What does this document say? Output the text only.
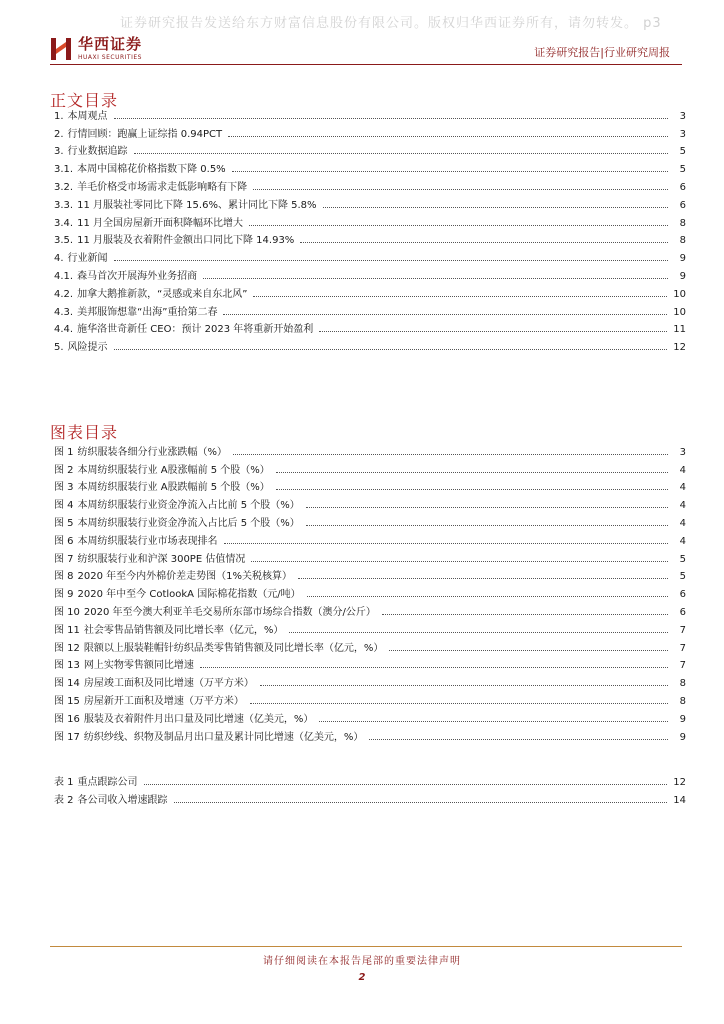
证券研究报告发送给东方财富信息股份有限公司。版权归华西证券所有，请勿转发。 p3
华西证券
HUAXI SECURITIES	证券研究报告|行业研究周报
正文目录
1. 本周观点	3
2. 行情回顾：跑赢上证综指 0.94PCT	3
3. 行业数据追踪	5
3.1. 本周中国棉花价格指数下降 0.5%	5
3.2. 羊毛价格受市场需求走低影响略有下降	6
3.3. 11 月服装社零同比下降 15.6%、累计同比下降 5.8%	6
3.4. 11 月全国房屋新开面积降幅环比增大	8
3.5. 11 月服装及衣着附件金额出口同比下降 14.93%	8
4. 行业新闻	9
4.1. 森马首次开展海外业务招商	9
4.2. 加拿大鹅推新款，“灵感或来自东北风”	10
4.3. 美邦服饰想靠“出海”重拾第二春	10
4.4. 施华洛世奇新任 CEO：预计 2023 年将重新开始盈利	11
5. 风险提示	12
图表目录
图 1 纺织服装各细分行业涨跌幅（%）	3
图 2 本周纺织服装行业 A股涨幅前 5 个股（%）	4
图 3 本周纺织服装行业 A股跌幅前 5 个股（%）	4
图 4 本周纺织服装行业资金净流入占比前 5 个股（%）	4
图 5 本周纺织服装行业资金净流入占比后 5 个股（%）	4
图 6 本周纺织服装行业市场表现排名	4
图 7 纺织服装行业和沪深 300PE 估值情况	5
图 8 2020 年至今内外棉价差走势图（1%关税核算）	5
图 9 2020 年中至今 CotlookA 国际棉花指数（元/吨）	6
图 10 2020 年至今澳大利亚羊毛交易所东部市场综合指数（澳分/公斤）	6
图 11 社会零售品销售额及同比增长率（亿元，%）	7
图 12 限额以上服装鞋帽针纺织品类零售销售额及同比增长率（亿元，%）	7
图 13 网上实物零售额同比增速	7
图 14 房屋竣工面积及同比增速（万平方米）	8
图 15 房屋新开工面积及增速（万平方米）	8
图 16 服装及衣着附件月出口量及同比增速（亿美元，%）	9
图 17 纺织纱线、织物及制品月出口量及累计同比增速（亿美元，%）	9
表 1 重点跟踪公司	12
表 2 各公司收入增速跟踪	14
请仔细阅读在本报告尾部的重要法律声明
2
